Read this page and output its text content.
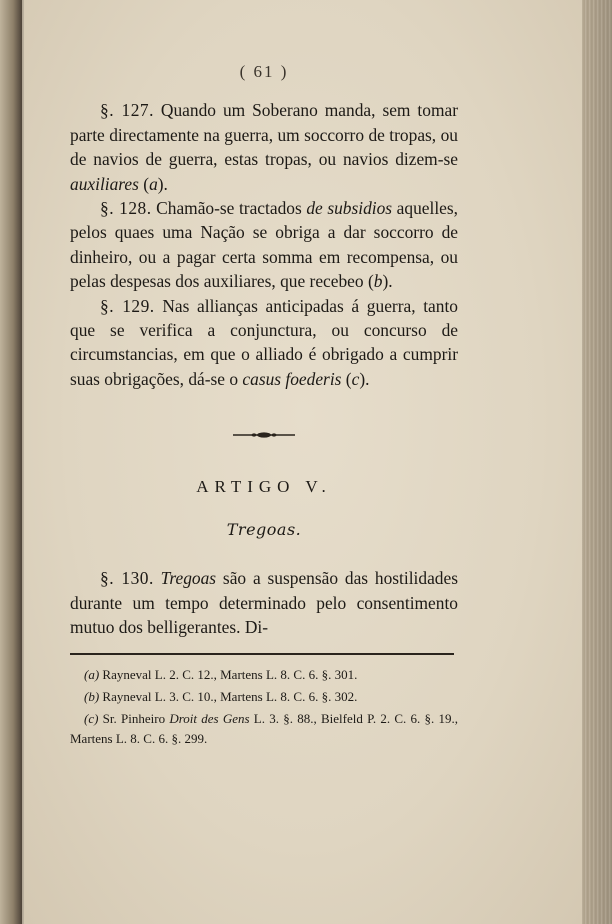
( 61 )

§. 127. Quando um Soberano manda, sem tomar parte directamente na guerra, um soccorro de tropas, ou de navios de guerra, estas tropas, ou navios dizem-se auxiliares (a).

§. 128. Chamão-se tractados de subsidios aquelles, pelos quaes uma Nação se obriga a dar soccorro de dinheiro, ou a pagar certa somma em recompensa, ou pelas despesas dos auxiliares, que recebeo (b).

§. 129. Nas allianças anticipadas á guerra, tanto que se verifica a conjunctura, ou concurso de circumstancias, em que o alliado é obrigado a cumprir suas obrigações, dá-se o casus foederis (c).

ARTIGO V.
Tregoas.

§. 130. Tregoas são a suspensão das hostilidades durante um tempo determinado pelo consentimento mutuo dos belligerantes. Di-

(a) Rayneval L. 2. C. 12., Martens L. 8. C. 6. §. 301.

(b) Rayneval L. 3. C. 10., Martens L. 8. C. 6. §. 302.

(c) Sr. Pinheiro Droit des Gens L. 3. §. 88., Bielfeld P. 2. C. 6. §. 19., Martens L. 8. C. 6. §. 299.
